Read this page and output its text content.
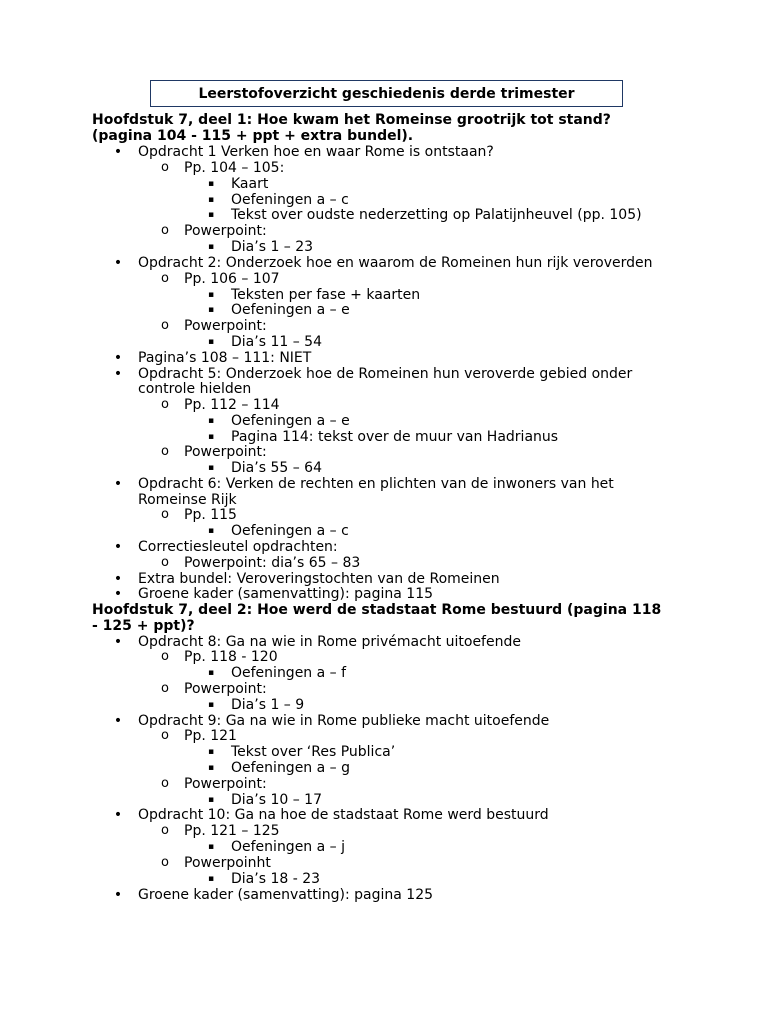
Leerstofoverzicht geschiedenis derde trimester
Hoofdstuk 7, deel 1: Hoe kwam het Romeinse grootrijk tot stand?
(pagina 104 - 115 + ppt + extra bundel).
• Opdracht 1 Verken hoe en waar Rome is ontstaan?
o Pp. 104 – 105:
▪	Kaart
▪	Oefeningen a – c
▪	Tekst over oudste nederzetting op Palatijnheuvel (pp. 105)
o Powerpoint:
▪	Dia’s 1 – 23
• Opdracht 2: Onderzoek hoe en waarom de Romeinen hun rijk veroverden
o Pp. 106 – 107
▪	Teksten per fase + kaarten
▪	Oefeningen a – e
o Powerpoint:
▪	Dia’s 11 – 54
• Pagina’s 108 – 111: NIET
• Opdracht 5: Onderzoek hoe de Romeinen hun veroverde gebied onder
controle hielden
o Pp. 112 – 114
▪	Oefeningen a – e
▪	Pagina 114: tekst over de muur van Hadrianus
o Powerpoint:
▪	Dia’s 55 – 64
• Opdracht 6: Verken de rechten en plichten van de inwoners van het
Romeinse Rijk
o Pp. 115
▪	Oefeningen a – c
• Correctiesleutel opdrachten:
o Powerpoint: dia’s 65 – 83
• Extra bundel: Veroveringstochten van de Romeinen
• Groene kader (samenvatting): pagina 115
Hoofdstuk 7, deel 2: Hoe werd de stadstaat Rome bestuurd (pagina 118
- 125 + ppt)?
• Opdracht 8: Ga na wie in Rome privémacht uitoefende
o Pp. 118 - 120
▪	Oefeningen a – f
o Powerpoint:
▪	Dia’s 1 – 9
• Opdracht 9: Ga na wie in Rome publieke macht uitoefende
o Pp. 121
▪	Tekst over ‘Res Publica’
▪	Oefeningen a – g
o Powerpoint:
▪	Dia’s 10 – 17
• Opdracht 10: Ga na hoe de stadstaat Rome werd bestuurd
o Pp. 121 – 125
▪	Oefeningen a – j
o Powerpoinht
▪	Dia’s 18 - 23
• Groene kader (samenvatting): pagina 125
